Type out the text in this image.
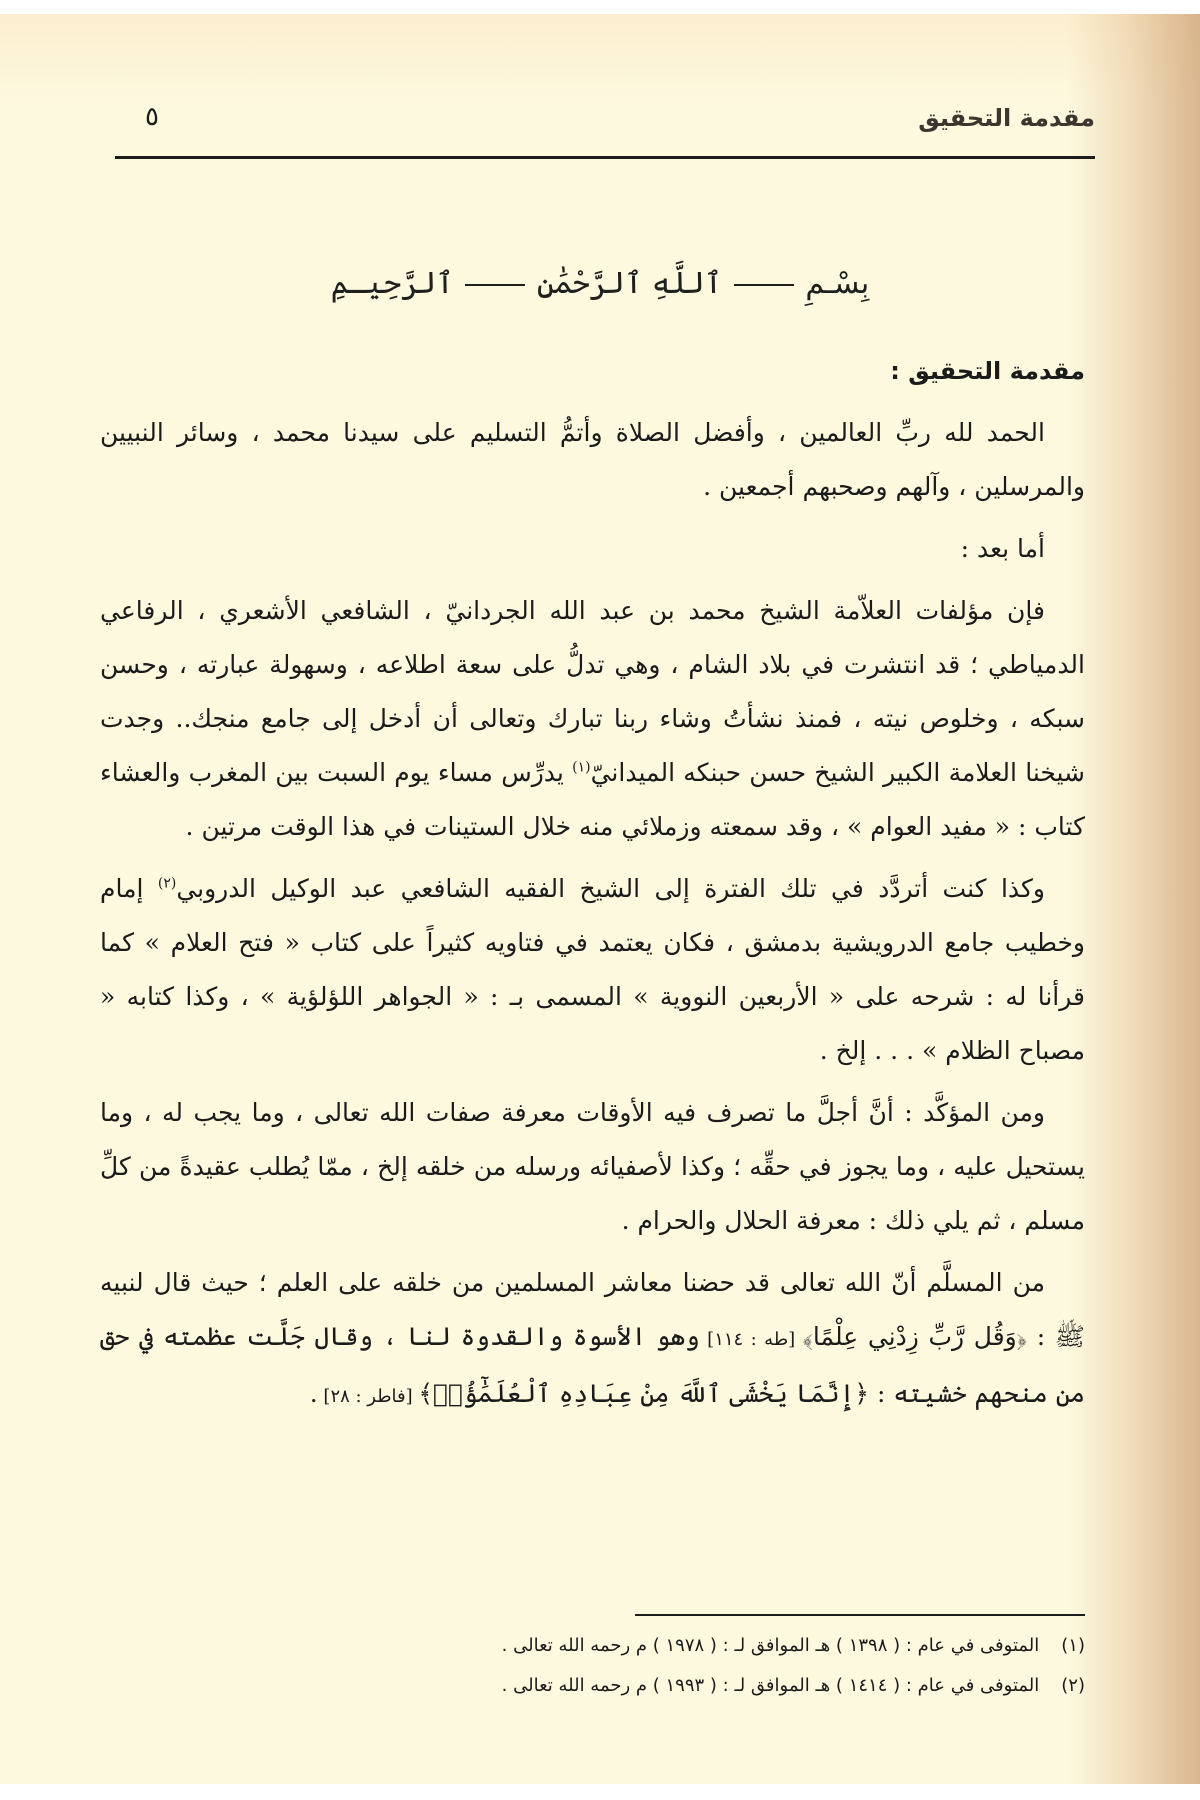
مقدمة التحقيق
٥
بِسْـمِ  ٱللَّهِ ٱلرَّحْمَٰنِ  ٱلرَّحِيـمِ
مقدمة التحقيق :

الحمد لله ربِّ العالمين ، وأفضل الصلاة وأتمُّ التسليم على سيدنا محمد ، وسائر النبيين والمرسلين ، وآلهم وصحبهم أجمعين .

أما بعد :

فإن مؤلفات العلاّمة الشيخ محمد بن عبد الله الجردانيّ ، الشافعي الأشعري ، الرفاعي الدمياطي ؛ قد انتشرت في بلاد الشام ، وهي تدلُّ على سعة اطلاعه ، وسهولة عبارته ، وحسن سبكه ، وخلوص نيته ، فمنذ نشأتُ وشاء ربنا تبارك وتعالى أن أدخل إلى جامع منجك.. وجدت شيخنا العلامة الكبير الشيخ حسن حبنكه الميدانيّ$^{(١)}$ يدرِّس مساء يوم السبت بين المغرب والعشاء كتاب : « مفيد العوام » ، وقد سمعته وزملائي منه خلال الستينات في هذا الوقت مرتين .

وكذا كنت أتردَّد في تلك الفترة إلى الشيخ الفقيه الشافعي عبد الوكيل الدروبي$^{(٢)}$ إمام وخطيب جامع الدرويشية بدمشق ، فكان يعتمد في فتاويه كثيراً على كتاب « فتح العلام » كما قرأنا له : شرحه على « الأربعين النووية » المسمى بـ : « الجواهر اللؤلؤية » ، وكذا كتابه « مصباح الظلام » . . . إلخ .

ومن المؤكَّد : أنَّ أجلَّ ما تصرف فيه الأوقات معرفة صفات الله تعالى ، وما يجب له ، وما يستحيل عليه ، وما يجوز في حقِّه ؛ وكذا لأصفيائه ورسله من خلقه إلخ ، ممّا يُطلب عقيدةً من كلِّ مسلم ، ثم يلي ذلك : معرفة الحلال والحرام .

من المسلَّم أنّ الله تعالى قد حضنا معاشر المسلمين من خلقه على العلم ؛ حيث قال لنبيه ﷺ : ﴿وَقُل رَّبِّ زِدْنِي عِلْمًا﴾ [طه : ١١٤] وهو الأسوة والقدوة لنا ، وقال جَلَّت عظمته في حق من منحهم خشيته : ﴿إِنَّمَا يَخْشَى ٱللَّهَ مِنْ عِبَادِهِ ٱلْعُلَمَٰٓؤُا۟﴾ [فاطر : ٢٨] .

(١)
المتوفى في عام : ( ١٣٩٨ ) هـ الموافق لـ : ( ١٩٧٨ ) م رحمه الله تعالى .
(٢)
المتوفى في عام : ( ١٤١٤ ) هـ الموافق لـ : ( ١٩٩٣ ) م رحمه الله تعالى .
